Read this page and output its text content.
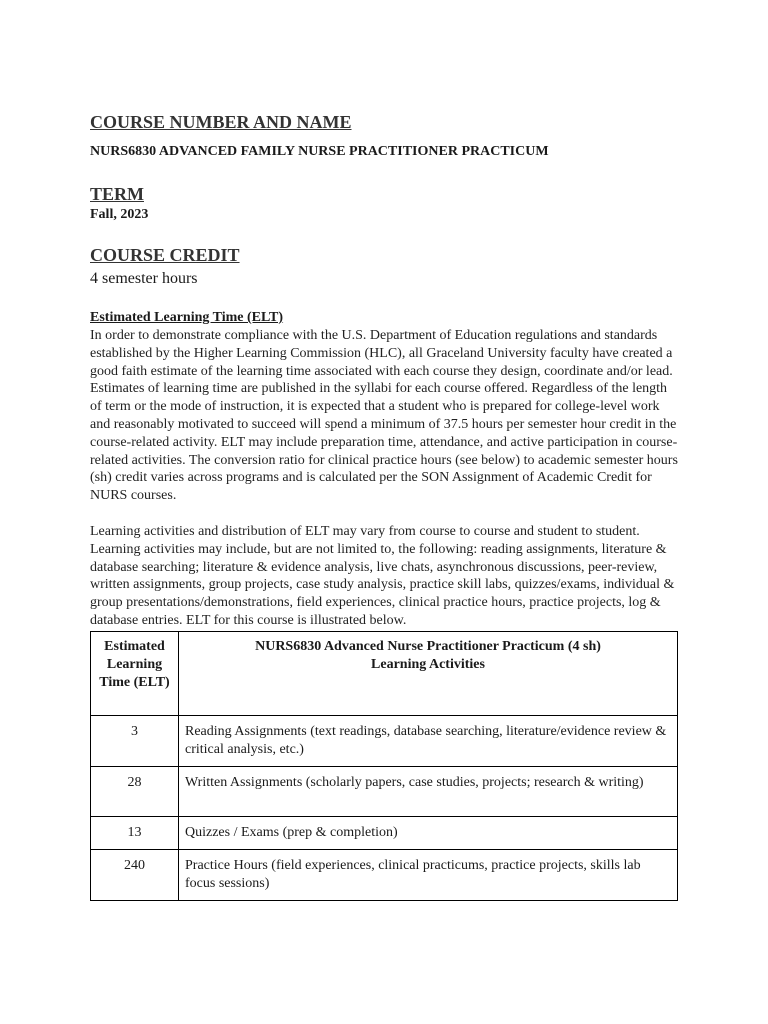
COURSE NUMBER AND NAME

NURS6830 ADVANCED FAMILY NURSE PRACTITIONER PRACTICUM

TERM

Fall, 2023

COURSE CREDIT

4 semester hours

Estimated Learning Time (ELT)

In order to demonstrate compliance with the U.S. Department of Education regulations and standards established by the Higher Learning Commission (HLC), all Graceland University faculty have created a good faith estimate of the learning time associated with each course they design, coordinate and/or lead. Estimates of learning time are published in the syllabi for each course offered. Regardless of the length of term or the mode of instruction, it is expected that a student who is prepared for college-level work and reasonably motivated to succeed will spend a minimum of 37.5 hours per semester hour credit in the course-related activity. ELT may include preparation time, attendance, and active participation in course-related activities. The conversion ratio for clinical practice hours (see below) to academic semester hours (sh) credit varies across programs and is calculated per the SON Assignment of Academic Credit for NURS courses.

Learning activities and distribution of ELT may vary from course to course and student to student. Learning activities may include, but are not limited to, the following: reading assignments, literature & database searching; literature & evidence analysis, live chats, asynchronous discussions, peer-review, written assignments, group projects, case study analysis, practice skill labs, quizzes/exams, individual & group presentations/demonstrations, field experiences, clinical practice hours, practice projects, log & database entries. ELT for this course is illustrated below.

Estimated Learning Time (ELT)	NURS6830 Advanced Nurse Practitioner Practicum (4 sh)
Learning Activities
3	Reading Assignments (text readings, database searching, literature/evidence review & critical analysis, etc.)
28	Written Assignments (scholarly papers, case studies, projects; research & writing)
13	Quizzes / Exams (prep & completion)
240	Practice Hours (field experiences, clinical practicums, practice projects, skills lab focus sessions)
